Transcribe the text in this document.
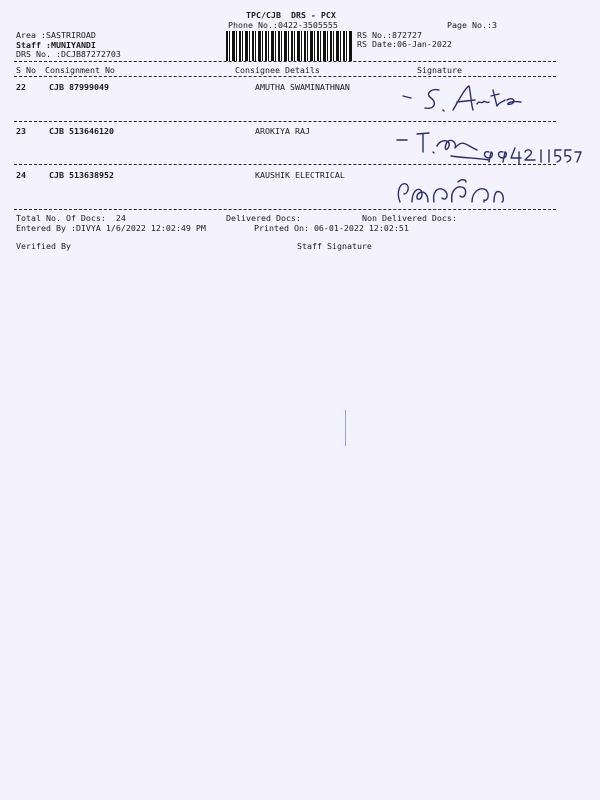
TPC/CJB  DRS - PCX
Phone No.:0422-3505555	Page No.:3
Area :SASTRIROAD
Staff :MUNIYANDI
DRS No. :DCJB87272703
RS No.:872727
RS Date:06-Jan-2022
S No Consignment No	Consignee Details	Signature
22	CJB 87999049	AMUTHA SWAMINATHNAN
23	CJB 513646120	AROKIYA RAJ
24	CJB 513638952	KAUSHIK ELECTRICAL
Total No. Of Docs:  24	Delivered Docs:	Non Delivered Docs:
Entered By :DIVYA 1/6/2022 12:02:49 PM	Printed On: 06-01-2022 12:02:51
Verified By	Staff Signature
